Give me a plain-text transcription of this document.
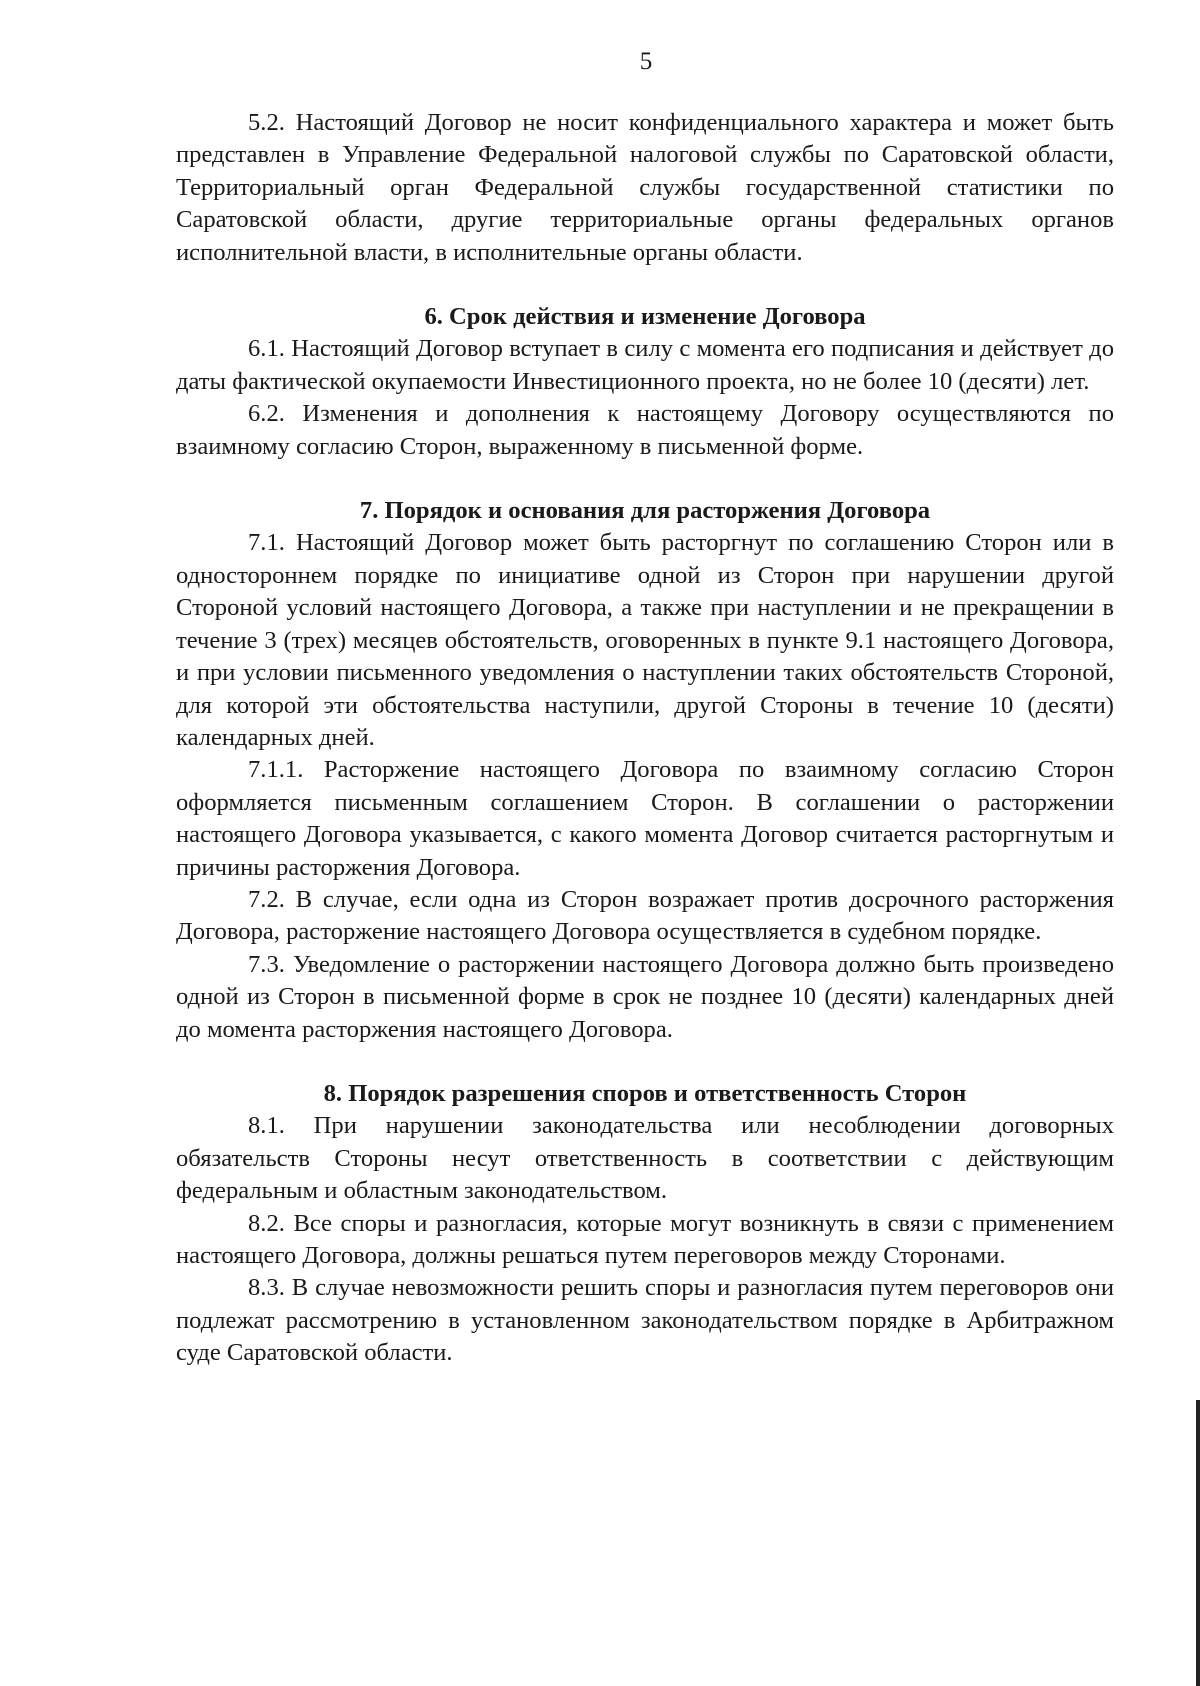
5

5.2. Настоящий Договор не носит конфиденциального характера и может быть представлен в Управление Федеральной налоговой службы по Саратовской области, Территориальный орган Федеральной службы государственной статистики по Саратовской области, другие территориальные органы федеральных органов исполнительной власти, в исполнительные органы области.

6. Срок действия и изменение Договора

6.1. Настоящий Договор вступает в силу с момента его подписания и действует до даты фактической окупаемости Инвестиционного проекта, но не более 10 (десяти) лет.

6.2. Изменения и дополнения к настоящему Договору осуществляются по взаимному согласию Сторон, выраженному в письменной форме.

7. Порядок и основания для расторжения Договора

7.1. Настоящий Договор может быть расторгнут по соглашению Сторон или в одностороннем порядке по инициативе одной из Сторон при нарушении другой Стороной условий настоящего Договора, а также при наступлении и не прекращении в течение 3 (трех) месяцев обстоятельств, оговоренных в пункте 9.1 настоящего Договора, и при условии письменного уведомления о наступлении таких обстоятельств Стороной, для которой эти обстоятельства наступили, другой Стороны в течение 10 (десяти) календарных дней.

7.1.1. Расторжение настоящего Договора по взаимному согласию Сторон оформляется письменным соглашением Сторон. В соглашении о расторжении настоящего Договора указывается, с какого момента Договор считается расторгнутым и причины расторжения Договора.

7.2. В случае, если одна из Сторон возражает против досрочного расторжения Договора, расторжение настоящего Договора осуществляется в судебном порядке.

7.3. Уведомление о расторжении настоящего Договора должно быть произведено одной из Сторон в письменной форме в срок не позднее 10 (десяти) календарных дней до момента расторжения настоящего Договора.

8. Порядок разрешения споров и ответственность Сторон

8.1. При нарушении законодательства или несоблюдении договорных обязательств Стороны несут ответственность в соответствии с действующим федеральным и областным законодательством.

8.2. Все споры и разногласия, которые могут возникнуть в связи с применением настоящего Договора, должны решаться путем переговоров между Сторонами.

8.3. В случае невозможности решить споры и разногласия путем переговоров они подлежат рассмотрению в установленном законодательством порядке в Арбитражном суде Саратовской области.
